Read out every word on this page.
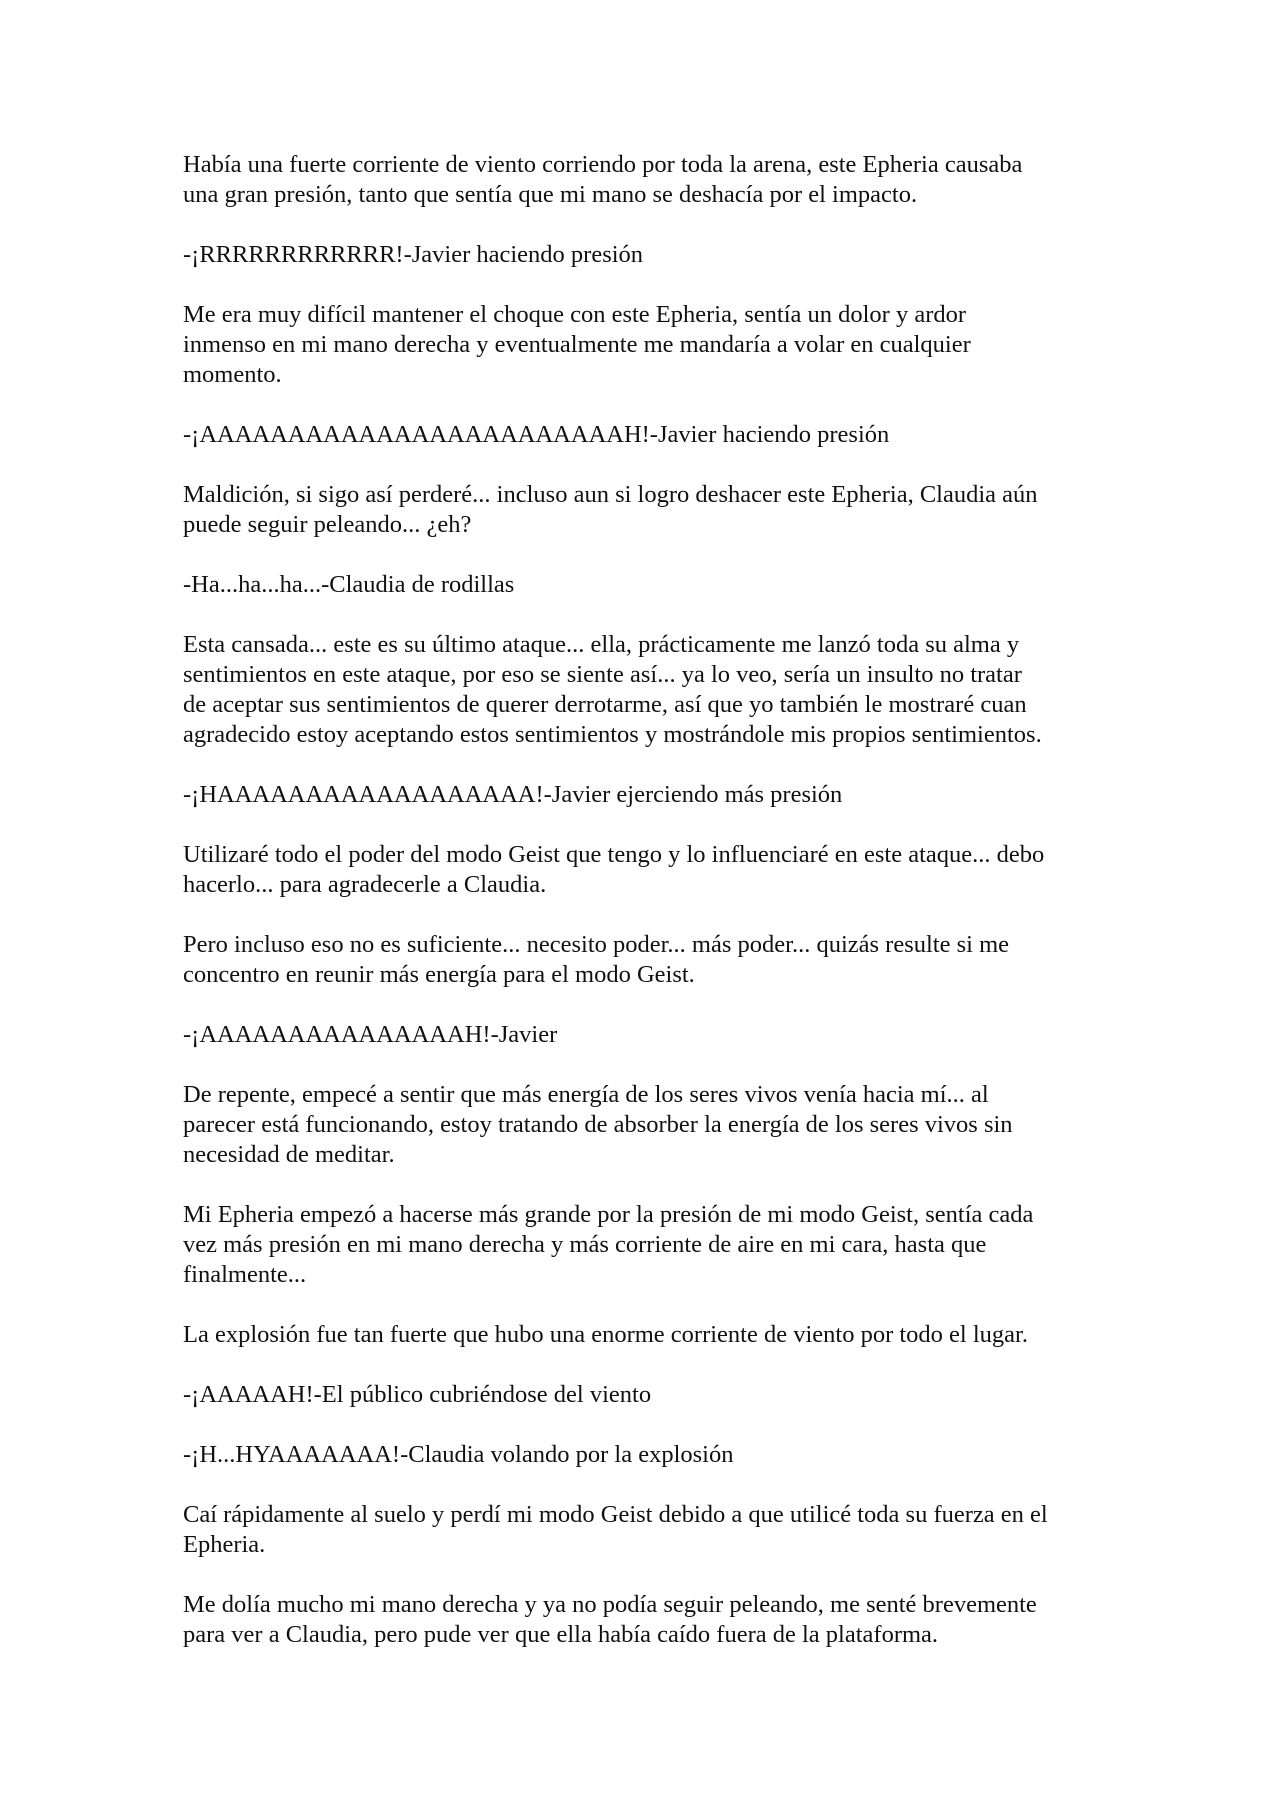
Había una fuerte corriente de viento corriendo por toda la arena, este Epheria causaba
una gran presión, tanto que sentía que mi mano se deshacía por el impacto.

-¡RRRRRRRRRRRR!-Javier haciendo presión

Me era muy difícil mantener el choque con este Epheria, sentía un dolor y ardor
inmenso en mi mano derecha y eventualmente me mandaría a volar en cualquier
momento.

-¡AAAAAAAAAAAAAAAAAAAAAAAAH!-Javier haciendo presión

Maldición, si sigo así perderé... incluso aun si logro deshacer este Epheria, Claudia aún
puede seguir peleando... ¿eh?

-Ha...ha...ha...-Claudia de rodillas

Esta cansada... este es su último ataque... ella, prácticamente me lanzó toda su alma y
sentimientos en este ataque, por eso se siente así... ya lo veo, sería un insulto no tratar
de aceptar sus sentimientos de querer derrotarme, así que yo también le mostraré cuan
agradecido estoy aceptando estos sentimientos y mostrándole mis propios sentimientos.

-¡HAAAAAAAAAAAAAAAAAA!-Javier ejerciendo más presión

Utilizaré todo el poder del modo Geist que tengo y lo influenciaré en este ataque... debo
hacerlo... para agradecerle a Claudia.

Pero incluso eso no es suficiente... necesito poder... más poder... quizás resulte si me
concentro en reunir más energía para el modo Geist.

-¡AAAAAAAAAAAAAAAH!-Javier

De repente, empecé a sentir que más energía de los seres vivos venía hacia mí... al
parecer está funcionando, estoy tratando de absorber la energía de los seres vivos sin
necesidad de meditar.

Mi Epheria empezó a hacerse más grande por la presión de mi modo Geist, sentía cada
vez más presión en mi mano derecha y más corriente de aire en mi cara, hasta que
finalmente...

La explosión fue tan fuerte que hubo una enorme corriente de viento por todo el lugar.

-¡AAAAAH!-El público cubriéndose del viento

-¡H...HYAAAAAAA!-Claudia volando por la explosión

Caí rápidamente al suelo y perdí mi modo Geist debido a que utilicé toda su fuerza en el
Epheria.

Me dolía mucho mi mano derecha y ya no podía seguir peleando, me senté brevemente
para ver a Claudia, pero pude ver que ella había caído fuera de la plataforma.
